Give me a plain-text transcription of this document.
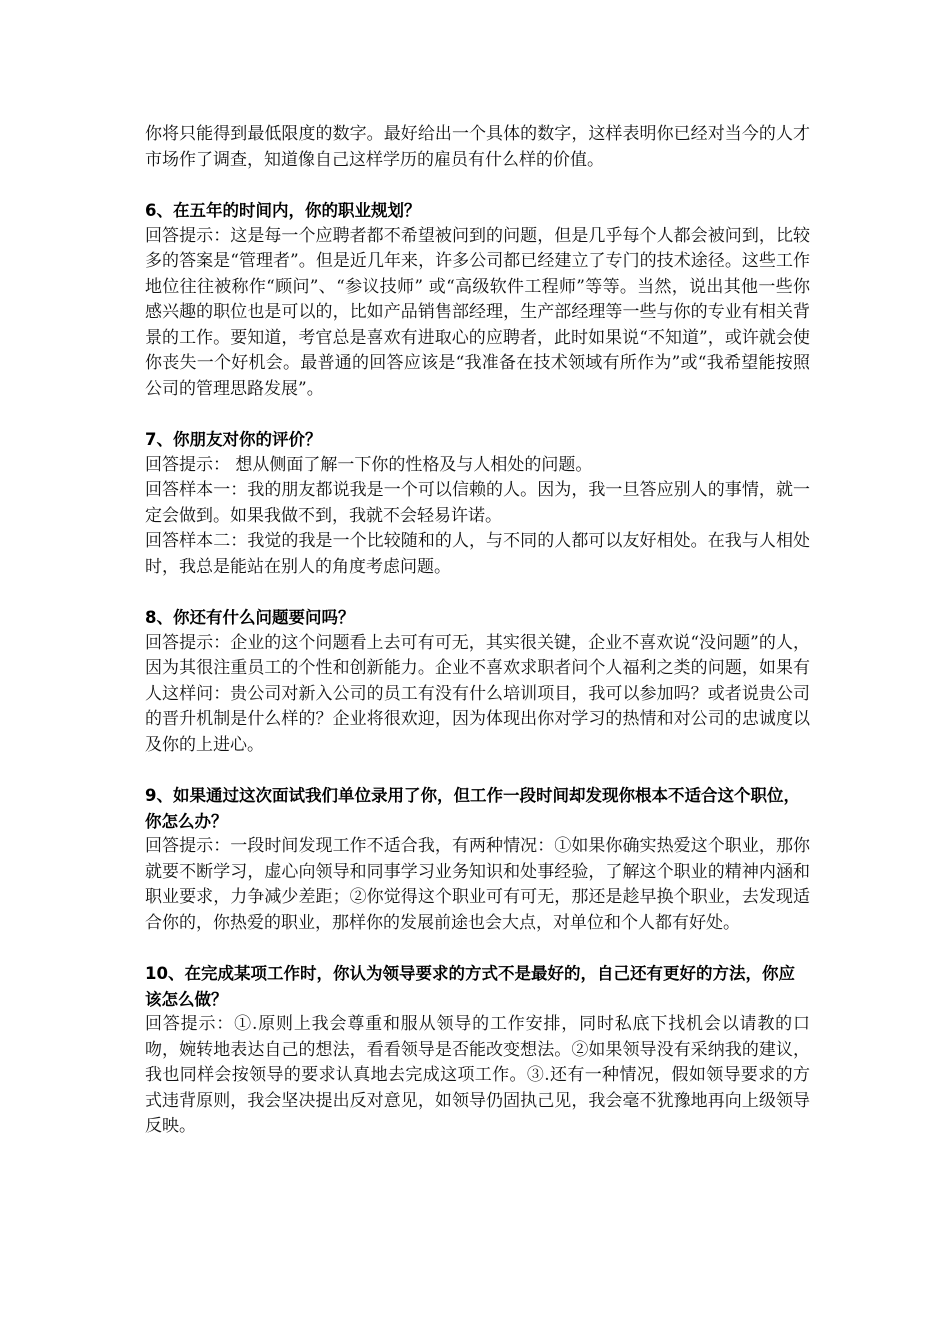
你将只能得到最低限度的数字。最好给出一个具体的数字，这样表明你已经对当今的人才市场作了调查，知道像自己这样学历的雇员有什么样的价值。

6、在五年的时间内，你的职业规划？

回答提示：这是每一个应聘者都不希望被问到的问题，但是几乎每个人都会被问到，比较多的答案是“管理者”。但是近几年来，许多公司都已经建立了专门的技术途径。这些工作地位往往被称作“顾问”、“参议技师” 或“高级软件工程师”等等。当然，说出其他一些你感兴趣的职位也是可以的，比如产品销售部经理，生产部经理等一些与你的专业有相关背景的工作。要知道，考官总是喜欢有进取心的应聘者，此时如果说“不知道”，或许就会使你丧失一个好机会。最普通的回答应该是“我准备在技术领域有所作为”或“我希望能按照公司的管理思路发展”。

7、你朋友对你的评价？

回答提示： 想从侧面了解一下你的性格及与人相处的问题。

回答样本一：我的朋友都说我是一个可以信赖的人。因为，我一旦答应别人的事情，就一定会做到。如果我做不到，我就不会轻易许诺。

回答样本二：我觉的我是一个比较随和的人，与不同的人都可以友好相处。在我与人相处时，我总是能站在别人的角度考虑问题。

8、你还有什么问题要问吗？

回答提示：企业的这个问题看上去可有可无，其实很关键，企业不喜欢说“没问题”的人，因为其很注重员工的个性和创新能力。企业不喜欢求职者问个人福利之类的问题，如果有人这样问：贵公司对新入公司的员工有没有什么培训项目，我可以参加吗？或者说贵公司的晋升机制是什么样的？企业将很欢迎，因为体现出你对学习的热情和对公司的忠诚度以及你的上进心。

9、如果通过这次面试我们单位录用了你，但工作一段时间却发现你根本不适合这个职位，你怎么办？

回答提示：一段时间发现工作不适合我，有两种情况：①如果你确实热爱这个职业，那你就要不断学习，虚心向领导和同事学习业务知识和处事经验，了解这个职业的精神内涵和职业要求，力争减少差距；②你觉得这个职业可有可无，那还是趁早换个职业，去发现适合你的，你热爱的职业，那样你的发展前途也会大点，对单位和个人都有好处。

10、在完成某项工作时，你认为领导要求的方式不是最好的，自己还有更好的方法，你应该怎么做？

回答提示：①.原则上我会尊重和服从领导的工作安排，同时私底下找机会以请教的口吻，婉转地表达自己的想法，看看领导是否能改变想法。②如果领导没有采纳我的建议，我也同样会按领导的要求认真地去完成这项工作。③.还有一种情况，假如领导要求的方式违背原则，我会坚决提出反对意见，如领导仍固执己见，我会毫不犹豫地再向上级领导反映。
